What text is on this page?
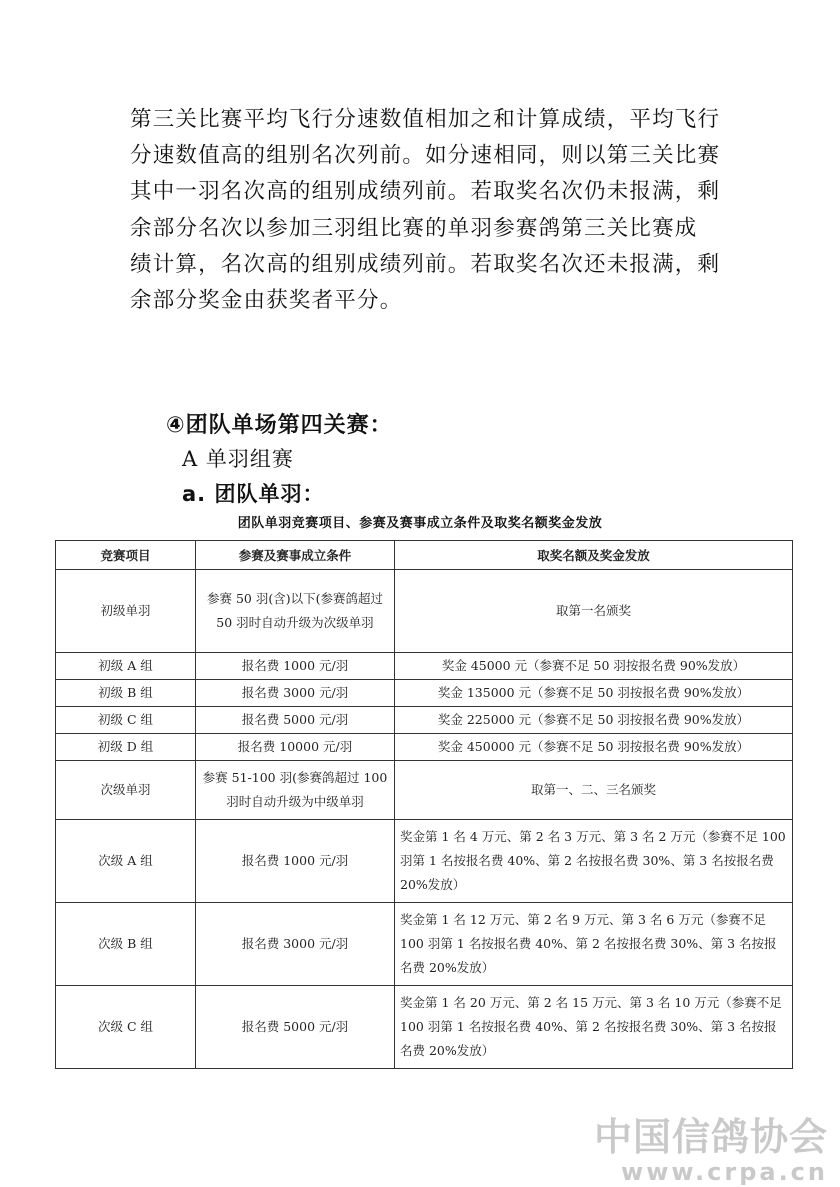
第三关比赛平均飞行分速数值相加之和计算成绩，平均飞行
分速数值高的组别名次列前。如分速相同，则以第三关比赛
其中一羽名次高的组别成绩列前。若取奖名次仍未报满，剩
余部分名次以参加三羽组比赛的单羽参赛鸽第三关比赛成
绩计算，名次高的组别成绩列前。若取奖名次还未报满，剩
余部分奖金由获奖者平分。

④团队单场第四关赛：

A 单羽组赛

a. 团队单羽：

团队单羽竞赛项目、参赛及赛事成立条件及取奖名额奖金发放
竞赛项目	参赛及赛事成立条件	取奖名额及奖金发放
初级单羽	参赛 50 羽(含)以下(参赛鸽超过 50 羽时自动升级为次级单羽	取第一名颁奖
初级 A 组	报名费 1000 元/羽	奖金 45000 元（参赛不足 50 羽按报名费 90%发放）
初级 B 组	报名费 3000 元/羽	奖金 135000 元（参赛不足 50 羽按报名费 90%发放）
初级 C 组	报名费 5000 元/羽	奖金 225000 元（参赛不足 50 羽按报名费 90%发放）
初级 D 组	报名费 10000 元/羽	奖金 450000 元（参赛不足 50 羽按报名费 90%发放）
次级单羽	参赛 51-100 羽(参赛鸽超过 100 羽时自动升级为中级单羽	取第一、二、三名颁奖
次级 A 组	报名费 1000 元/羽	奖金第 1 名 4 万元、第 2 名 3 万元、第 3 名 2 万元（参赛不足 100 羽第 1 名按报名费 40%、第 2 名按报名费 30%、第 3 名按报名费 20%发放）
次级 B 组	报名费 3000 元/羽	奖金第 1 名 12 万元、第 2 名 9 万元、第 3 名 6 万元（参赛不足 100 羽第 1 名按报名费 40%、第 2 名按报名费 30%、第 3 名按报名费 20%发放）
次级 C 组	报名费 5000 元/羽	奖金第 1 名 20 万元、第 2 名 15 万元、第 3 名 10 万元（参赛不足 100 羽第 1 名按报名费 40%、第 2 名按报名费 30%、第 3 名按报名费 20%发放）
中国信鸽协会
www.crpa.cn
